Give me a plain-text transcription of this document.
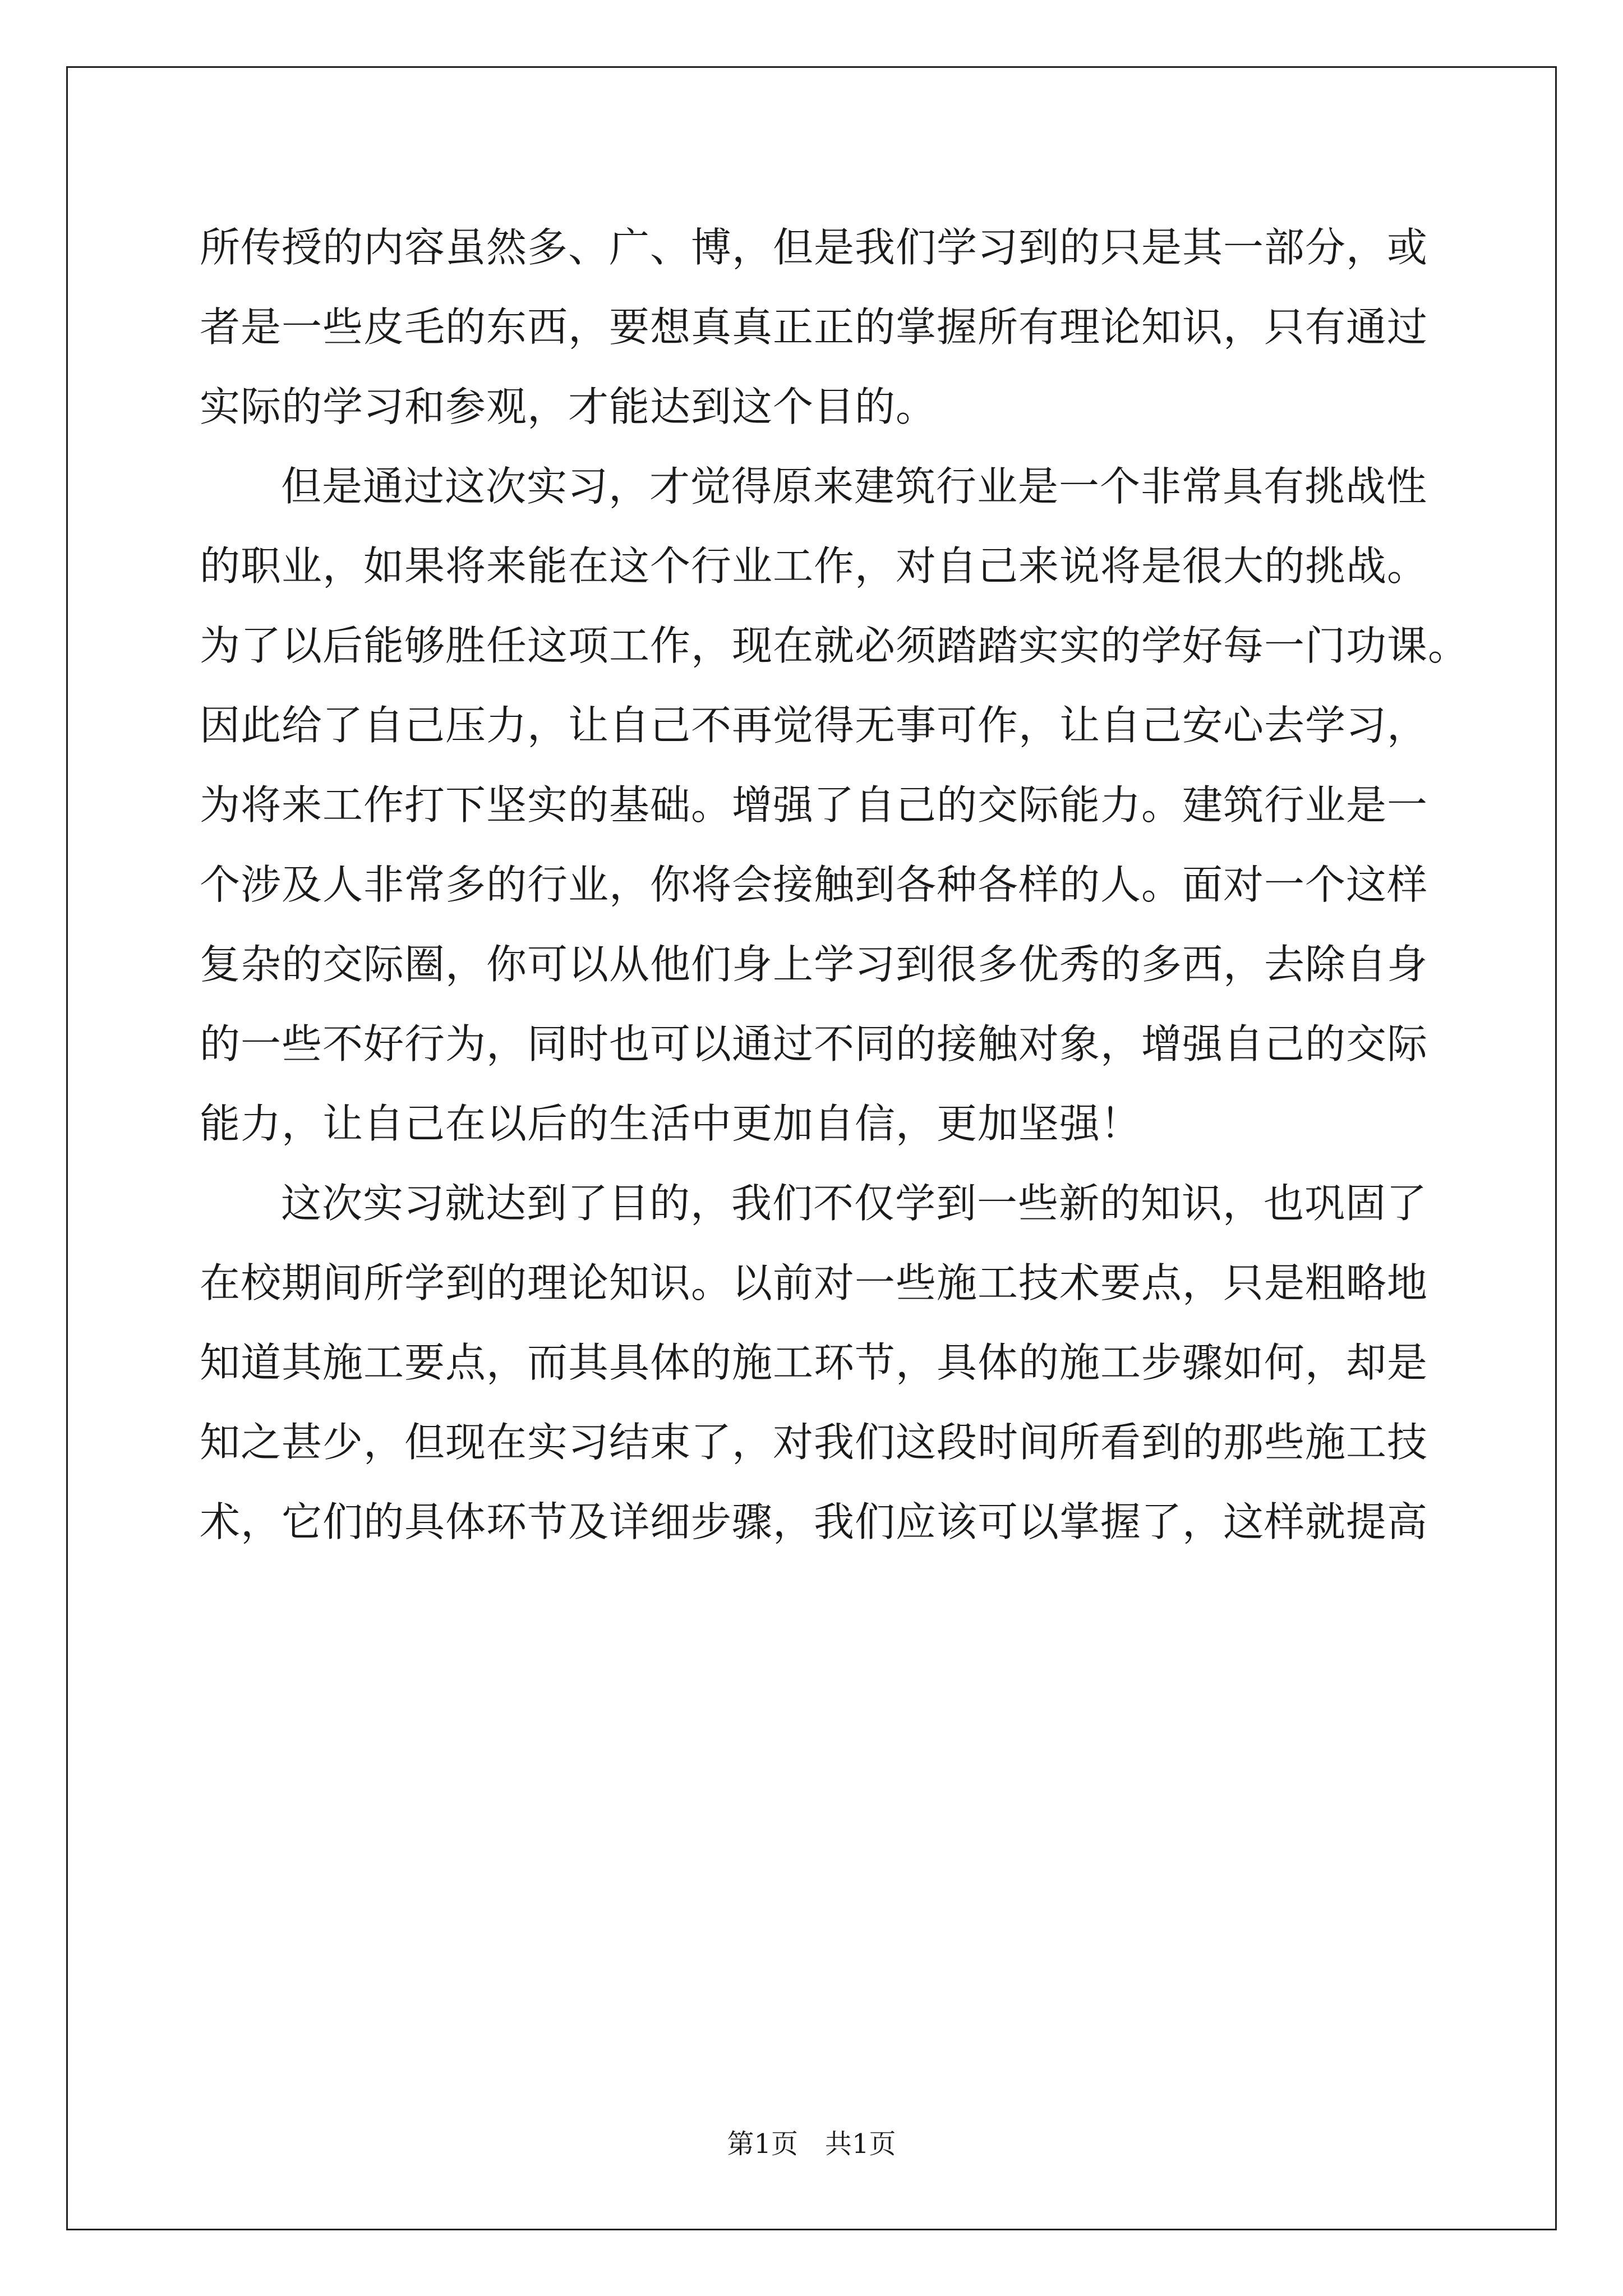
所传授的内容虽然多、广、博，但是我们学习到的只是其一部分，或
者是一些皮毛的东西，要想真真正正的掌握所有理论知识，只有通过
实际的学习和参观，才能达到这个目的。
但是通过这次实习，才觉得原来建筑行业是一个非常具有挑战性
的职业，如果将来能在这个行业工作，对自己来说将是很大的挑战。
为了以后能够胜任这项工作，现在就必须踏踏实实的学好每一门功课。
因此给了自己压力，让自己不再觉得无事可作，让自己安心去学习，
为将来工作打下坚实的基础。增强了自己的交际能力。建筑行业是一
个涉及人非常多的行业，你将会接触到各种各样的人。面对一个这样
复杂的交际圈，你可以从他们身上学习到很多优秀的多西，去除自身
的一些不好行为，同时也可以通过不同的接触对象，增强自己的交际
能力，让自己在以后的生活中更加自信，更加坚强！
这次实习就达到了目的，我们不仅学到一些新的知识，也巩固了
在校期间所学到的理论知识。以前对一些施工技术要点，只是粗略地
知道其施工要点，而其具体的施工环节，具体的施工步骤如何，却是
知之甚少，但现在实习结束了，对我们这段时间所看到的那些施工技
术，它们的具体环节及详细步骤，我们应该可以掌握了，这样就提高
第1页　共1页
